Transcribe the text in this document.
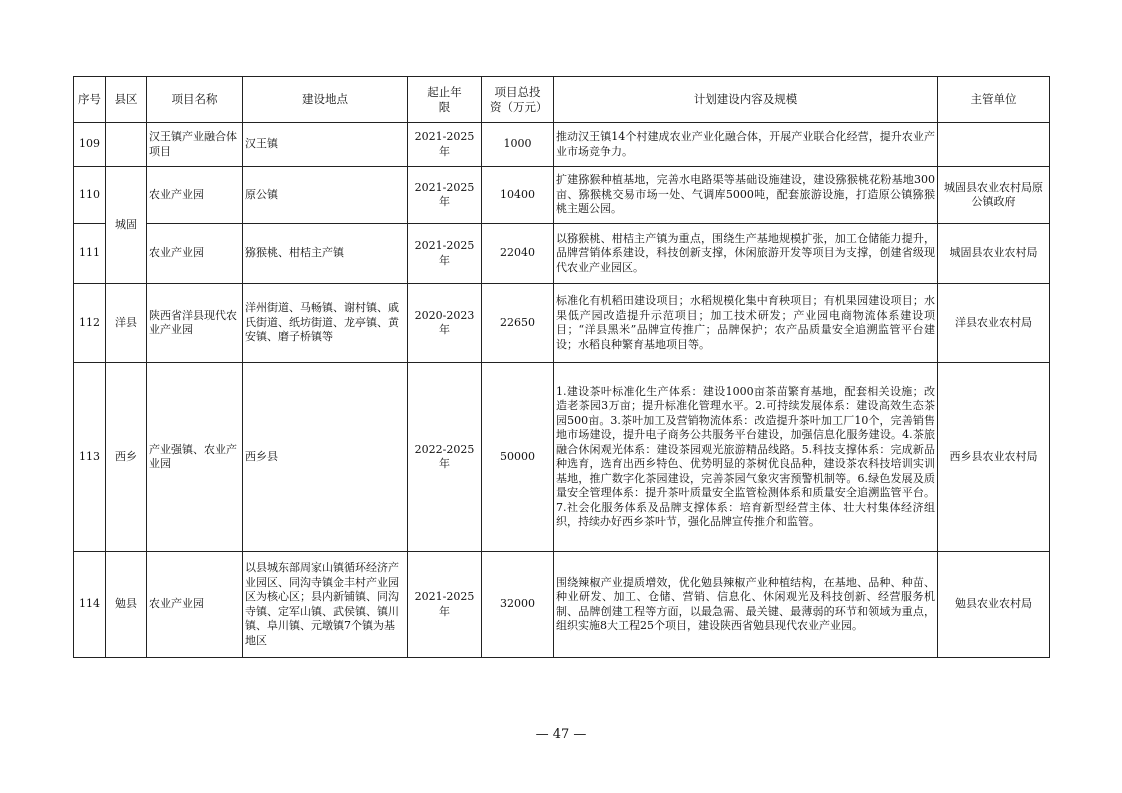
序号	县区	项目名称	建设地点	起止年限	项目总投资（万元）	计划建设内容及规模	主管单位
109		汉王镇产业融合体项目	汉王镇	2021-2025年	1000	推动汉王镇14个村建成农业产业化融合体，开展产业联合化经营，提升农业产业市场竞争力。	
110	城固	农业产业园	原公镇	2021-2025年	10400	扩建猕猴种植基地，完善水电路渠等基础设施建设，建设猕猴桃花粉基地300亩、猕猴桃交易市场一处、气调库5000吨，配套旅游设施，打造原公镇猕猴桃主题公园。	城固县农业农村局原公镇政府
111		农业产业园	猕猴桃、柑桔主产镇	2021-2025年	22040	以猕猴桃、柑桔主产镇为重点，围绕生产基地规模扩张，加工仓储能力提升，品牌营销体系建设，科技创新支撑，休闲旅游开发等项目为支撑，创建省级现代农业产业园区。	城固县农业农村局
112	洋县	陕西省洋县现代农业产业园	洋州街道、马畅镇、谢村镇、戚氏街道、纸坊街道、龙亭镇、黄安镇、磨子桥镇等	2020-2023年	22650	标准化有机稻田建设项目；水稻规模化集中育秧项目；有机果园建设项目；水果低产园改造提升示范项目；加工技术研发；产业园电商物流体系建设项目；“洋县黑米”品牌宣传推广；品牌保护；农产品质量安全追溯监管平台建设；水稻良种繁育基地项目等。	洋县农业农村局
113	西乡	产业强镇、农业产业园	西乡县	2022-2025年	50000	1.建设茶叶标准化生产体系：建设1000亩茶苗繁育基地，配套相关设施；改造老茶园3万亩；提升标准化管理水平。2.可持续发展体系：建设高效生态茶园500亩。3.茶叶加工及营销物流体系：改造提升茶叶加工厂10个，完善销售地市场建设，提升电子商务公共服务平台建设，加强信息化服务建设。4.茶旅融合休闲观光体系：建设茶园观光旅游精品线路。5.科技支撑体系：完成新品种选育，选育出西乡特色、优势明显的茶树优良品种，建设茶农科技培训实训基地，推广数字化茶园建设，完善茶园气象灾害预警机制等。6.绿色发展及质量安全管理体系：提升茶叶质量安全监管检测体系和质量安全追溯监管平台。7.社会化服务体系及品牌支撑体系：培育新型经营主体、壮大村集体经济组织，持续办好西乡茶叶节，强化品牌宣传推介和监管。	西乡县农业农村局
114	勉县	农业产业园	以县城东部周家山镇循环经济产业园区、同沟寺镇金丰村产业园区为核心区；县内新铺镇、同沟寺镇、定军山镇、武侯镇、镇川镇、阜川镇、元墩镇7个镇为基地区	2021-2025年	32000	围绕辣椒产业提质增效，优化勉县辣椒产业种植结构，在基地、品种、种苗、种业研发、加工、仓储、营销、信息化、休闲观光及科技创新、经营服务机制、品牌创建工程等方面，以最急需、最关键、最薄弱的环节和领域为重点，组织实施8大工程25个项目，建设陕西省勉县现代农业产业园。	勉县农业农村局
— 47 —
